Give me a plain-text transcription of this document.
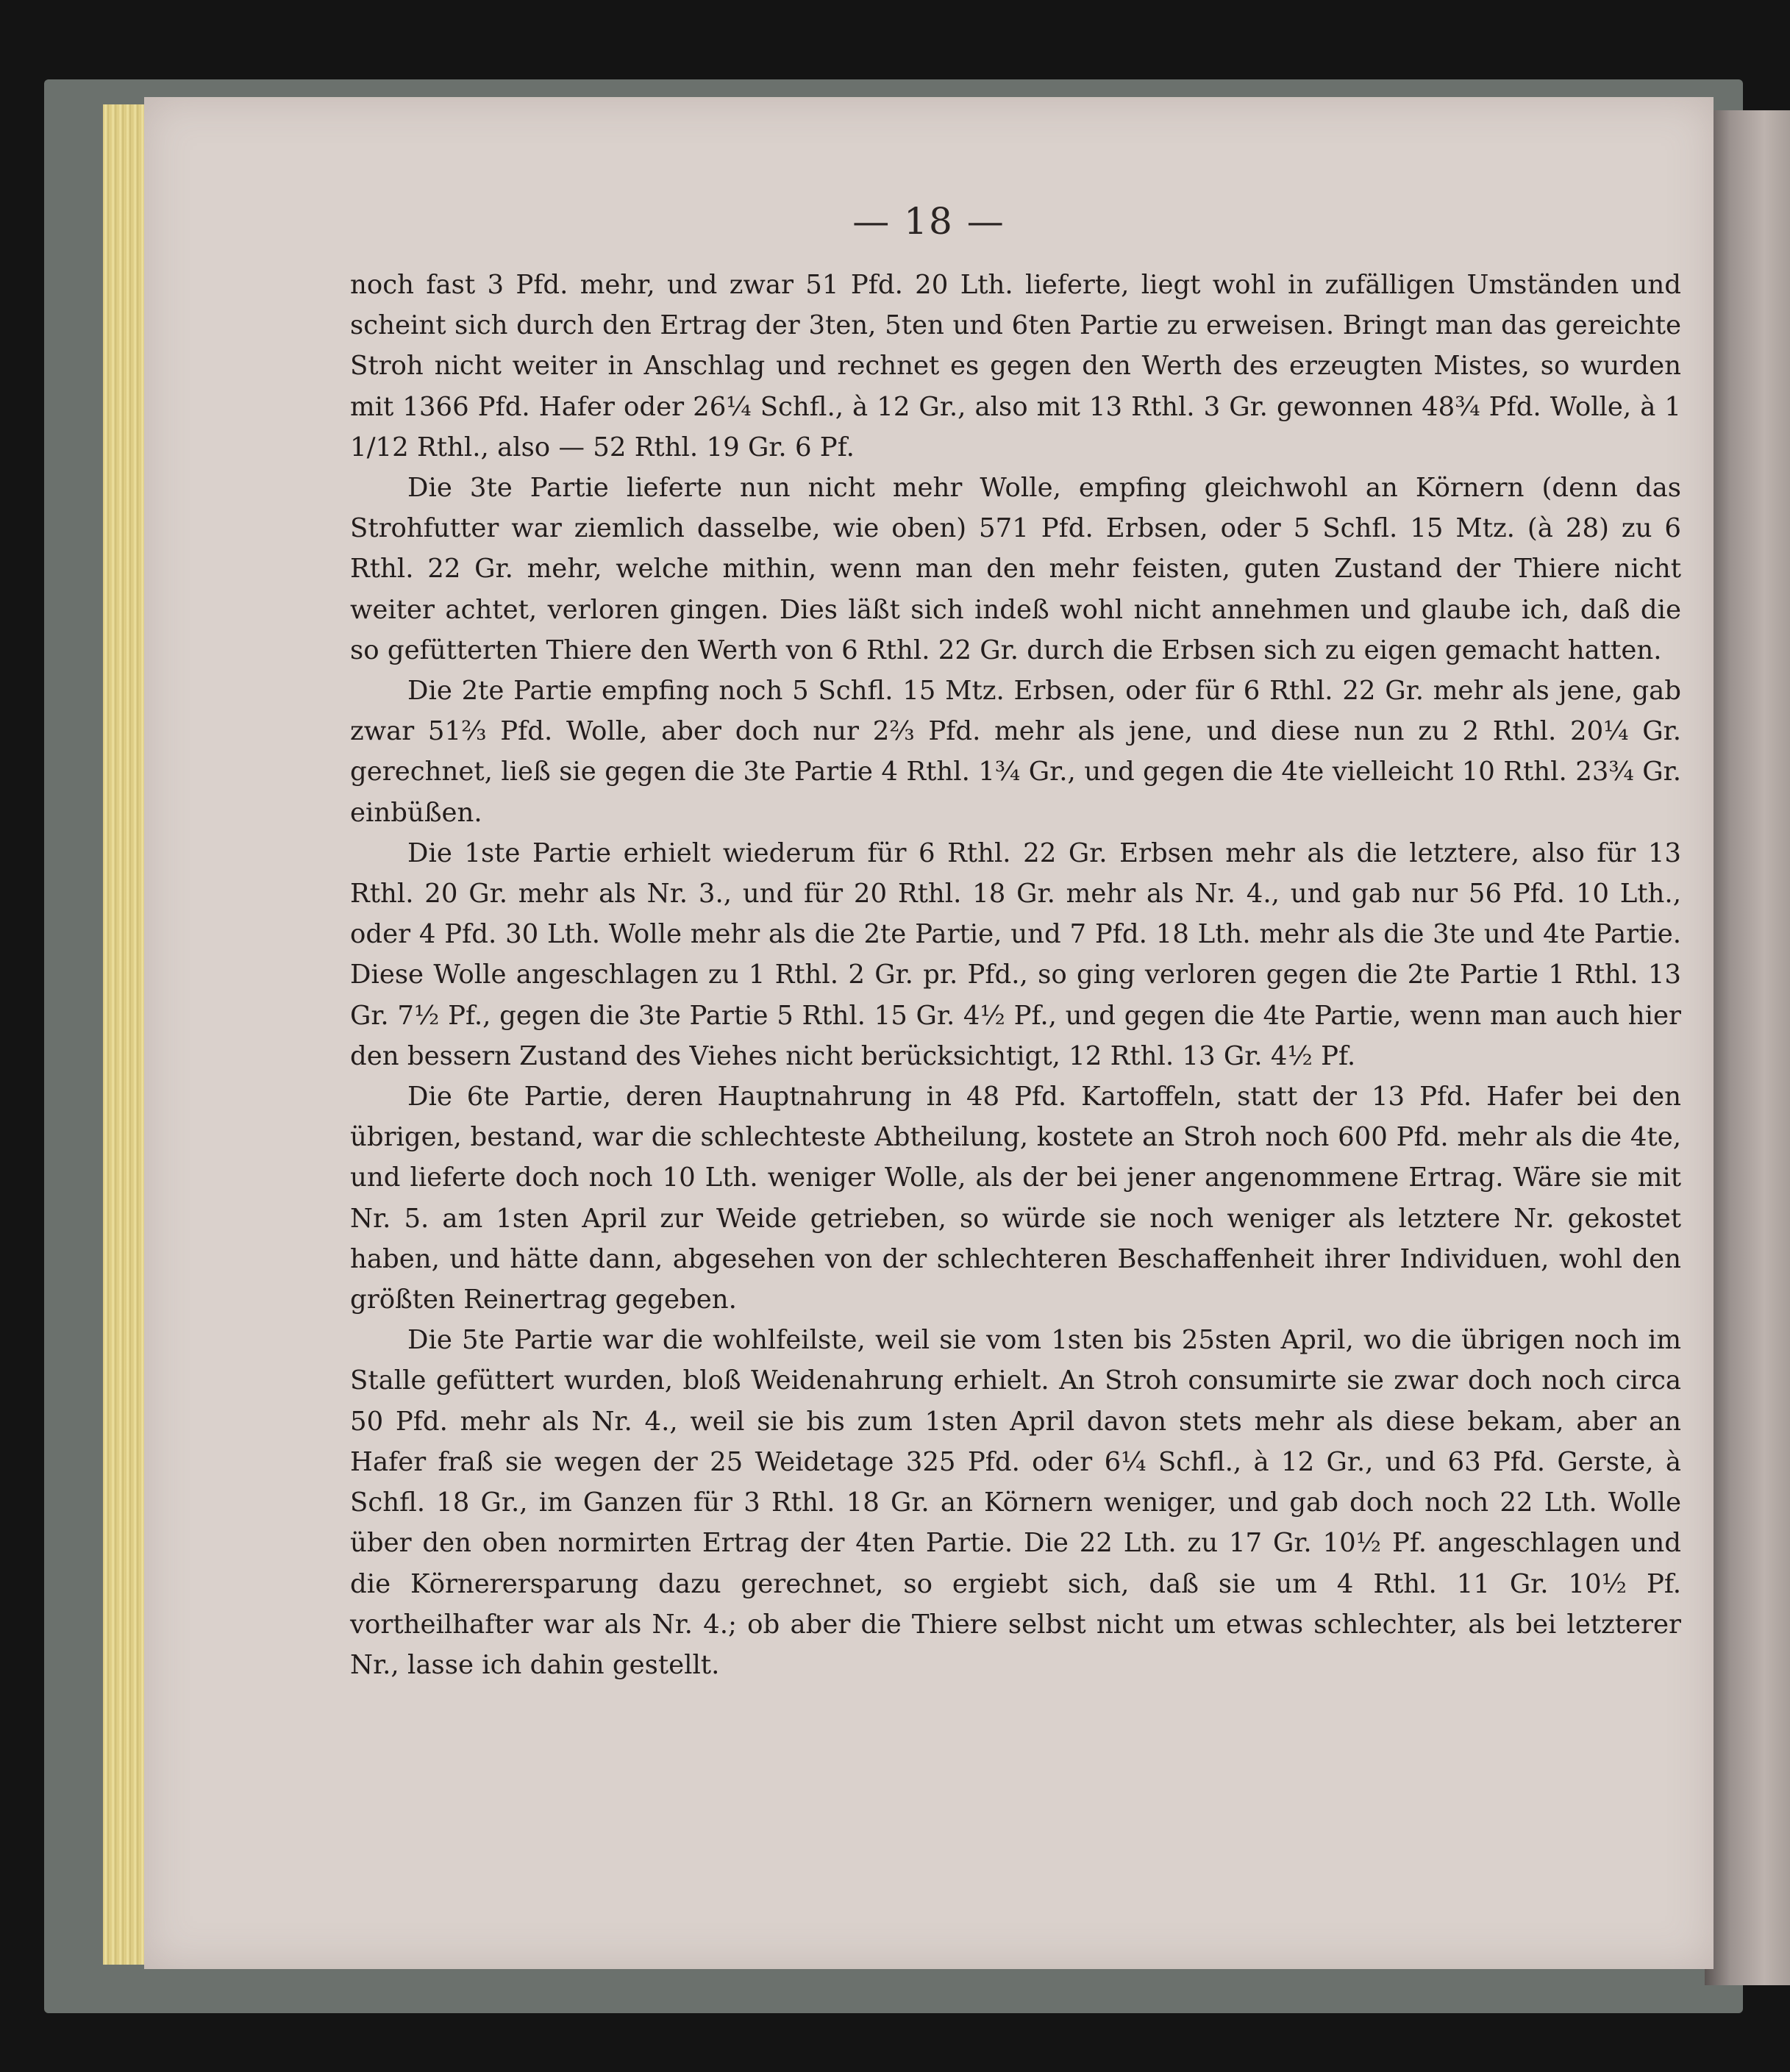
— 18 —

noch fast 3 Pfd. mehr, und zwar 51 Pfd. 20 Lth. lieferte, liegt wohl in zufälligen Umständen und scheint sich durch den Ertrag der 3ten, 5ten und 6ten Partie zu erweisen. Bringt man das gereichte Stroh nicht weiter in Anschlag und rechnet es gegen den Werth des erzeugten Mistes, so wurden mit 1366 Pfd. Hafer oder 26¼ Schfl., à 12 Gr., also mit 13 Rthl. 3 Gr. gewonnen 48¾ Pfd. Wolle, à 1 1/12 Rthl., also — 52 Rthl. 19 Gr. 6 Pf.

Die 3te Partie lieferte nun nicht mehr Wolle, empfing gleichwohl an Körnern (denn das Strohfutter war ziemlich dasselbe, wie oben) 571 Pfd. Erbsen, oder 5 Schfl. 15 Mtz. (à 28) zu 6 Rthl. 22 Gr. mehr, welche mithin, wenn man den mehr feisten, guten Zustand der Thiere nicht weiter achtet, verloren gingen. Dies läßt sich indeß wohl nicht annehmen und glaube ich, daß die so gefütterten Thiere den Werth von 6 Rthl. 22 Gr. durch die Erbsen sich zu eigen gemacht hatten.

Die 2te Partie empfing noch 5 Schfl. 15 Mtz. Erbsen, oder für 6 Rthl. 22 Gr. mehr als jene, gab zwar 51⅔ Pfd. Wolle, aber doch nur 2⅔ Pfd. mehr als jene, und diese nun zu 2 Rthl. 20¼ Gr. gerechnet, ließ sie gegen die 3te Partie 4 Rthl. 1¾ Gr., und gegen die 4te vielleicht 10 Rthl. 23¾ Gr. einbüßen.

Die 1ste Partie erhielt wiederum für 6 Rthl. 22 Gr. Erbsen mehr als die letztere, also für 13 Rthl. 20 Gr. mehr als Nr. 3., und für 20 Rthl. 18 Gr. mehr als Nr. 4., und gab nur 56 Pfd. 10 Lth., oder 4 Pfd. 30 Lth. Wolle mehr als die 2te Partie, und 7 Pfd. 18 Lth. mehr als die 3te und 4te Partie. Diese Wolle angeschlagen zu 1 Rthl. 2 Gr. pr. Pfd., so ging verloren gegen die 2te Partie 1 Rthl. 13 Gr. 7½ Pf., gegen die 3te Partie 5 Rthl. 15 Gr. 4½ Pf., und gegen die 4te Partie, wenn man auch hier den bessern Zustand des Viehes nicht berücksichtigt, 12 Rthl. 13 Gr. 4½ Pf.

Die 6te Partie, deren Hauptnahrung in 48 Pfd. Kartoffeln, statt der 13 Pfd. Hafer bei den übrigen, bestand, war die schlechteste Abtheilung, kostete an Stroh noch 600 Pfd. mehr als die 4te, und lieferte doch noch 10 Lth. weniger Wolle, als der bei jener angenommene Ertrag. Wäre sie mit Nr. 5. am 1sten April zur Weide getrieben, so würde sie noch weniger als letztere Nr. gekostet haben, und hätte dann, abgesehen von der schlechteren Beschaffenheit ihrer Individuen, wohl den größten Reinertrag gegeben.

Die 5te Partie war die wohlfeilste, weil sie vom 1sten bis 25sten April, wo die übrigen noch im Stalle gefüttert wurden, bloß Weidenahrung erhielt. An Stroh consumirte sie zwar doch noch circa 50 Pfd. mehr als Nr. 4., weil sie bis zum 1sten April davon stets mehr als diese bekam, aber an Hafer fraß sie wegen der 25 Weidetage 325 Pfd. oder 6¼ Schfl., à 12 Gr., und 63 Pfd. Gerste, à Schfl. 18 Gr., im Ganzen für 3 Rthl. 18 Gr. an Körnern weniger, und gab doch noch 22 Lth. Wolle über den oben normirten Ertrag der 4ten Partie. Die 22 Lth. zu 17 Gr. 10½ Pf. angeschlagen und die Körnerersparung dazu gerechnet, so ergiebt sich, daß sie um 4 Rthl. 11 Gr. 10½ Pf. vortheilhafter war als Nr. 4.; ob aber die Thiere selbst nicht um etwas schlechter, als bei letzterer Nr., lasse ich dahin gestellt.
